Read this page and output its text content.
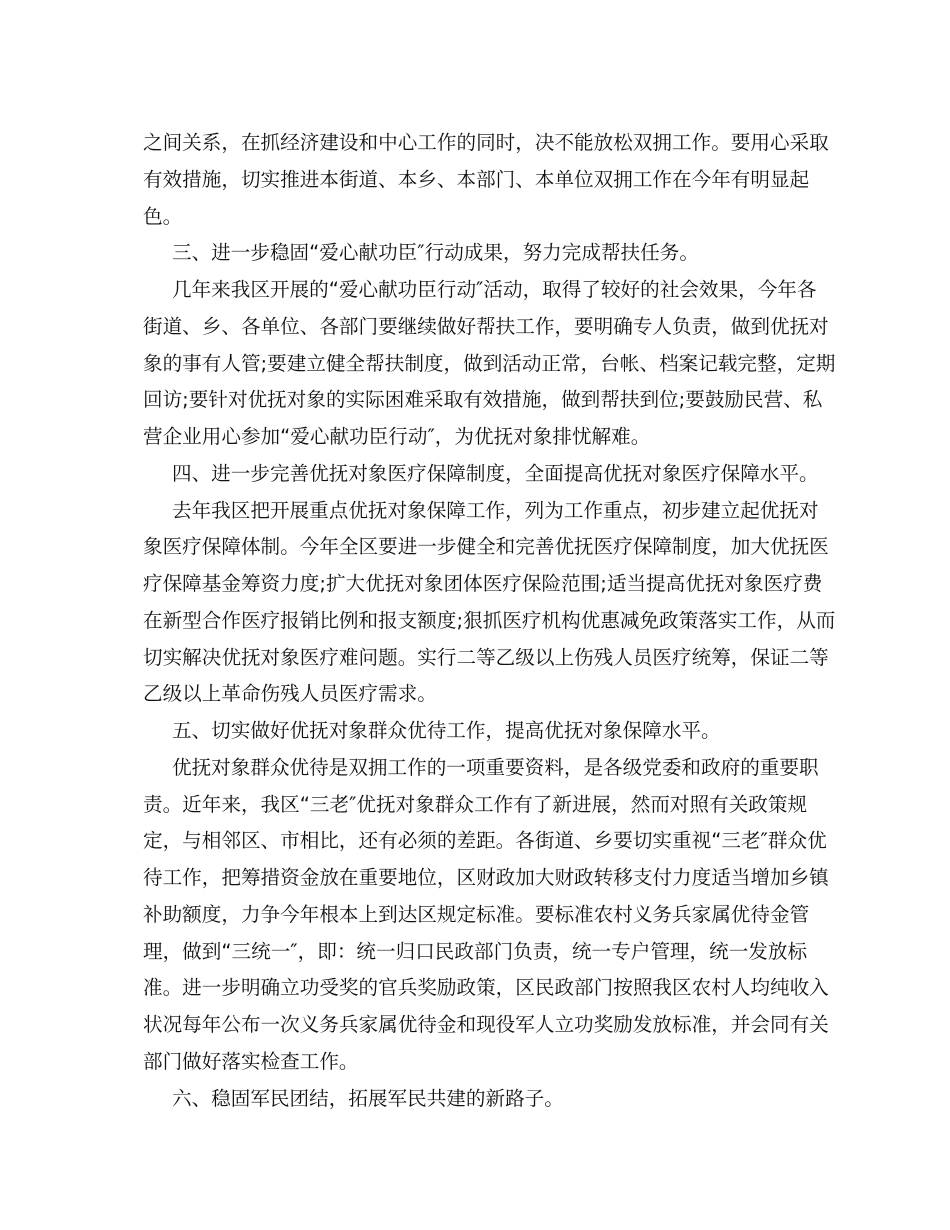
之间关系，在抓经济建设和中心工作的同时，决不能放松双拥工作。要用心采取
有效措施，切实推进本街道、本乡、本部门、本单位双拥工作在今年有明显起
色。
三、进一步稳固“爱心献功臣″行动成果，努力完成帮扶任务。
几年来我区开展的“爱心献功臣行动″活动，取得了较好的社会效果，今年各
街道、乡、各单位、各部门要继续做好帮扶工作，要明确专人负责，做到优抚对
象的事有人管;要建立健全帮扶制度，做到活动正常，台帐、档案记载完整，定期
回访;要针对优抚对象的实际困难采取有效措施，做到帮扶到位;要鼓励民营、私
营企业用心参加“爱心献功臣行动″，为优抚对象排忧解难。
四、进一步完善优抚对象医疗保障制度，全面提高优抚对象医疗保障水平。
去年我区把开展重点优抚对象保障工作，列为工作重点，初步建立起优抚对
象医疗保障体制。今年全区要进一步健全和完善优抚医疗保障制度，加大优抚医
疗保障基金筹资力度;扩大优抚对象团体医疗保险范围;适当提高优抚对象医疗费
在新型合作医疗报销比例和报支额度;狠抓医疗机构优惠减免政策落实工作，从而
切实解决优抚对象医疗难问题。实行二等乙级以上伤残人员医疗统筹，保证二等
乙级以上革命伤残人员医疗需求。
五、切实做好优抚对象群众优待工作，提高优抚对象保障水平。
优抚对象群众优待是双拥工作的一项重要资料，是各级党委和政府的重要职
责。近年来，我区“三老″优抚对象群众工作有了新进展，然而对照有关政策规
定，与相邻区、市相比，还有必须的差距。各街道、乡要切实重视“三老″群众优
待工作，把筹措资金放在重要地位，区财政加大财政转移支付力度适当增加乡镇
补助额度，力争今年根本上到达区规定标准。要标准农村义务兵家属优待金管
理，做到“三统一″，即：统一归口民政部门负责，统一专户管理，统一发放标
准。进一步明确立功受奖的官兵奖励政策，区民政部门按照我区农村人均纯收入
状况每年公布一次义务兵家属优待金和现役军人立功奖励发放标准，并会同有关
部门做好落实检查工作。
六、稳固军民团结，拓展军民共建的新路子。
